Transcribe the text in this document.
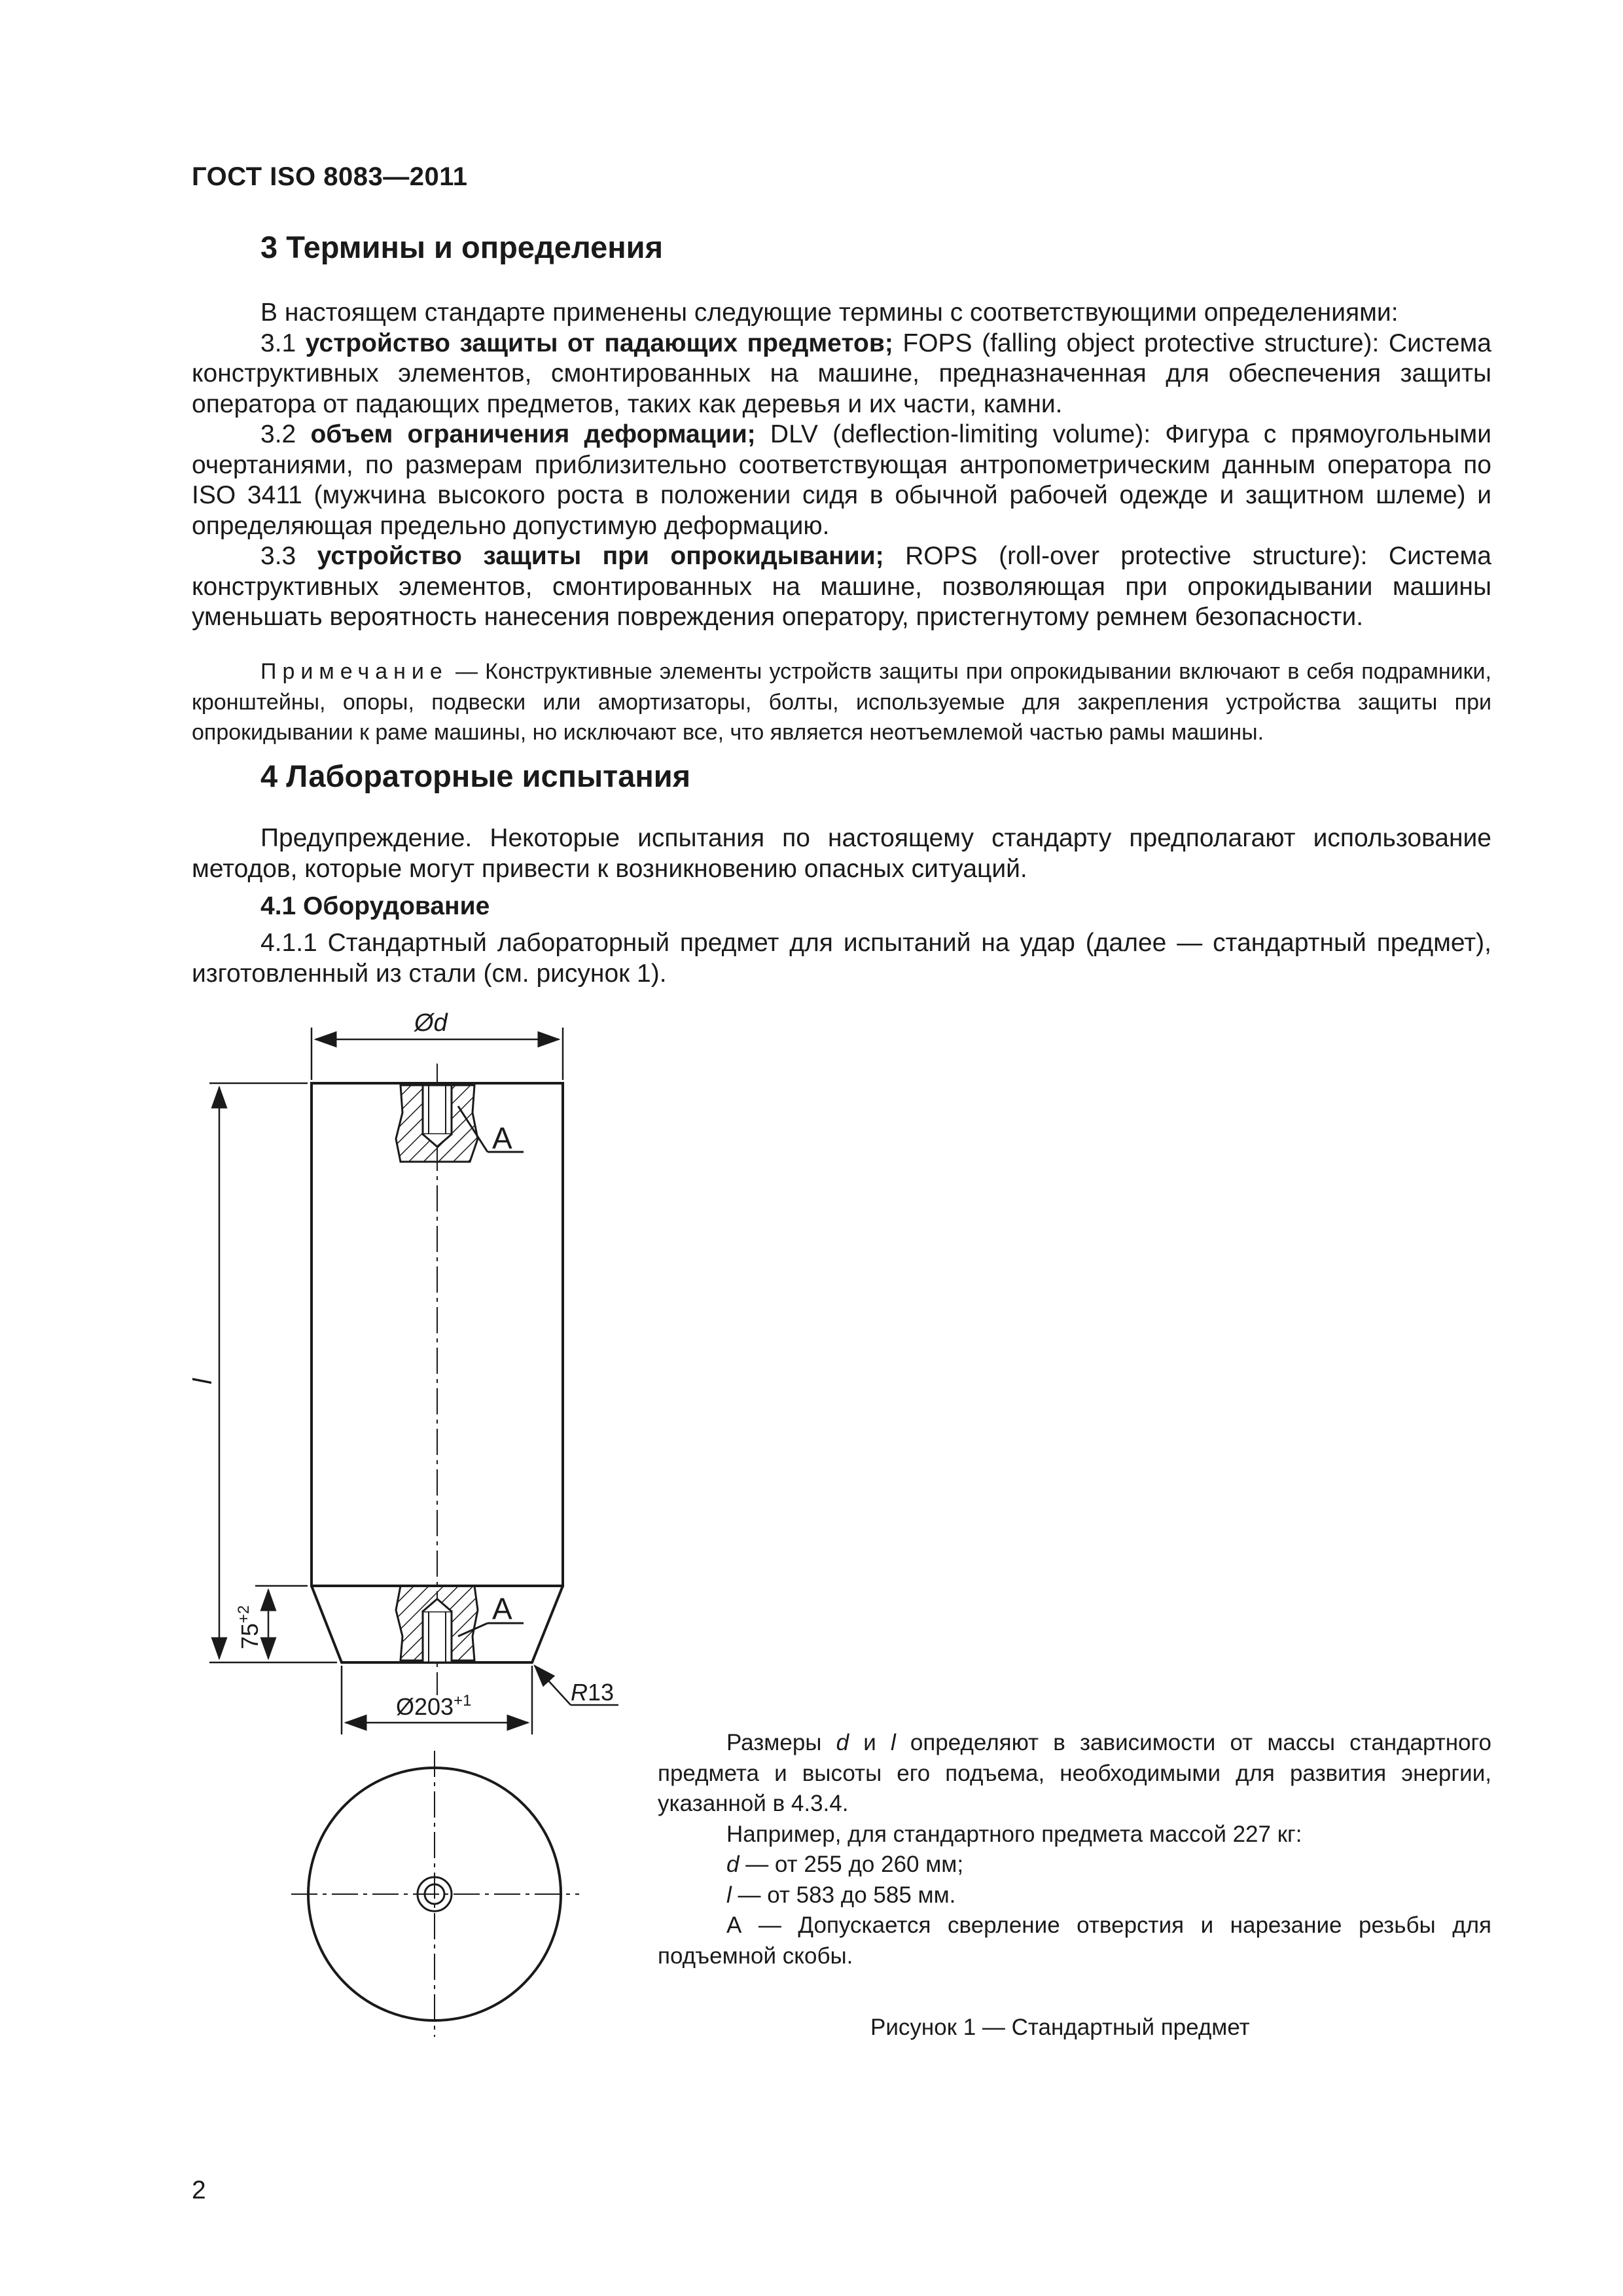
ГОСТ ISO 8083—2011
3 Термины и определения

В настоящем стандарте применены следующие термины с соответствующими определениями:

3.1 устройство защиты от падающих предметов; FOPS (falling object protective structure): Система конструктивных элементов, смонтированных на машине, предназначенная для обеспечения защиты оператора от падающих предметов, таких как деревья и их части, камни.

3.2 объем ограничения деформации; DLV (deflection-limiting volume): Фигура с прямоугольными очертаниями, по размерам приблизительно соответствующая антропометрическим данным оператора по ISO 3411 (мужчина высокого роста в положении сидя в обычной рабочей одежде и защитном шлеме) и определяющая предельно допустимую деформацию.

3.3 устройство защиты при опрокидывании; ROPS (roll-over protective structure): Система конструктивных элементов, смонтированных на машине, позволяющая при опрокидывании машины уменьшать вероятность нанесения повреждения оператору, пристегнутому ремнем безопасности.

Примечание — Конструктивные элементы устройств защиты при опрокидывании включают в себя подрамники, кронштейны, опоры, подвески или амортизаторы, болты, используемые для закрепления устройства защиты при опрокидывании к раме машины, но исключают все, что является неотъемлемой частью рамы машины.

4 Лабораторные испытания

Предупреждение. Некоторые испытания по настоящему стандарту предполагают использование методов, которые могут привести к возникновению опасных ситуаций.

4.1 Оборудование

4.1.1 Стандартный лабораторный предмет для испытаний на удар (далее — стандартный предмет), изготовленный из стали (см. рисунок 1).

А
А
Ød
l
$75^{+2}$
$Ø203^{+1}$	R13

Размеры d и l определяют в зависимости от массы стандартного предмета и высоты его подъема, необходимыми для развития энергии, указанной в 4.3.4.

Например, для стандартного предмета массой 227 кг:

d — от 255 до 260 мм;

l — от 583 до 585 мм.

А — Допускается сверление отверстия и нарезание резьбы для подъемной скобы.

Рисунок 1 — Стандартный предмет
2
